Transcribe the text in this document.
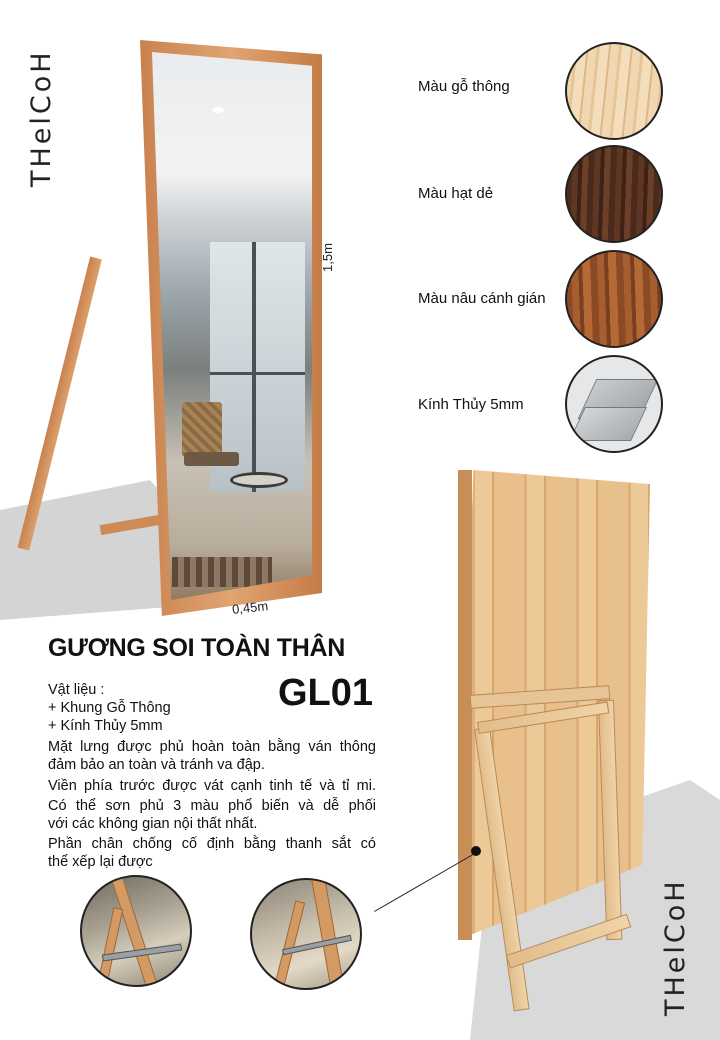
THelCoH
THelCoH
1,5m
0,45m
Màu gỗ thông
Màu hạt dẻ
Màu nâu cánh gián
Kính Thủy 5mm
GƯƠNG SOI TOÀN THÂN
GL01
Vật liệu :
+ Khung Gỗ Thông
+ Kính Thủy 5mm
Mặt lưng được phủ hoàn toàn bằng ván thông
đảm bảo an toàn và tránh va đập.
Viền phía trước được vát cạnh tinh tế và tỉ mi.
Có thể sơn phủ 3 màu phổ biến và dễ phối
với các không gian nội thất nhất.
Phần chân chống cố định bằng thanh sắt có
thể xếp lại được
